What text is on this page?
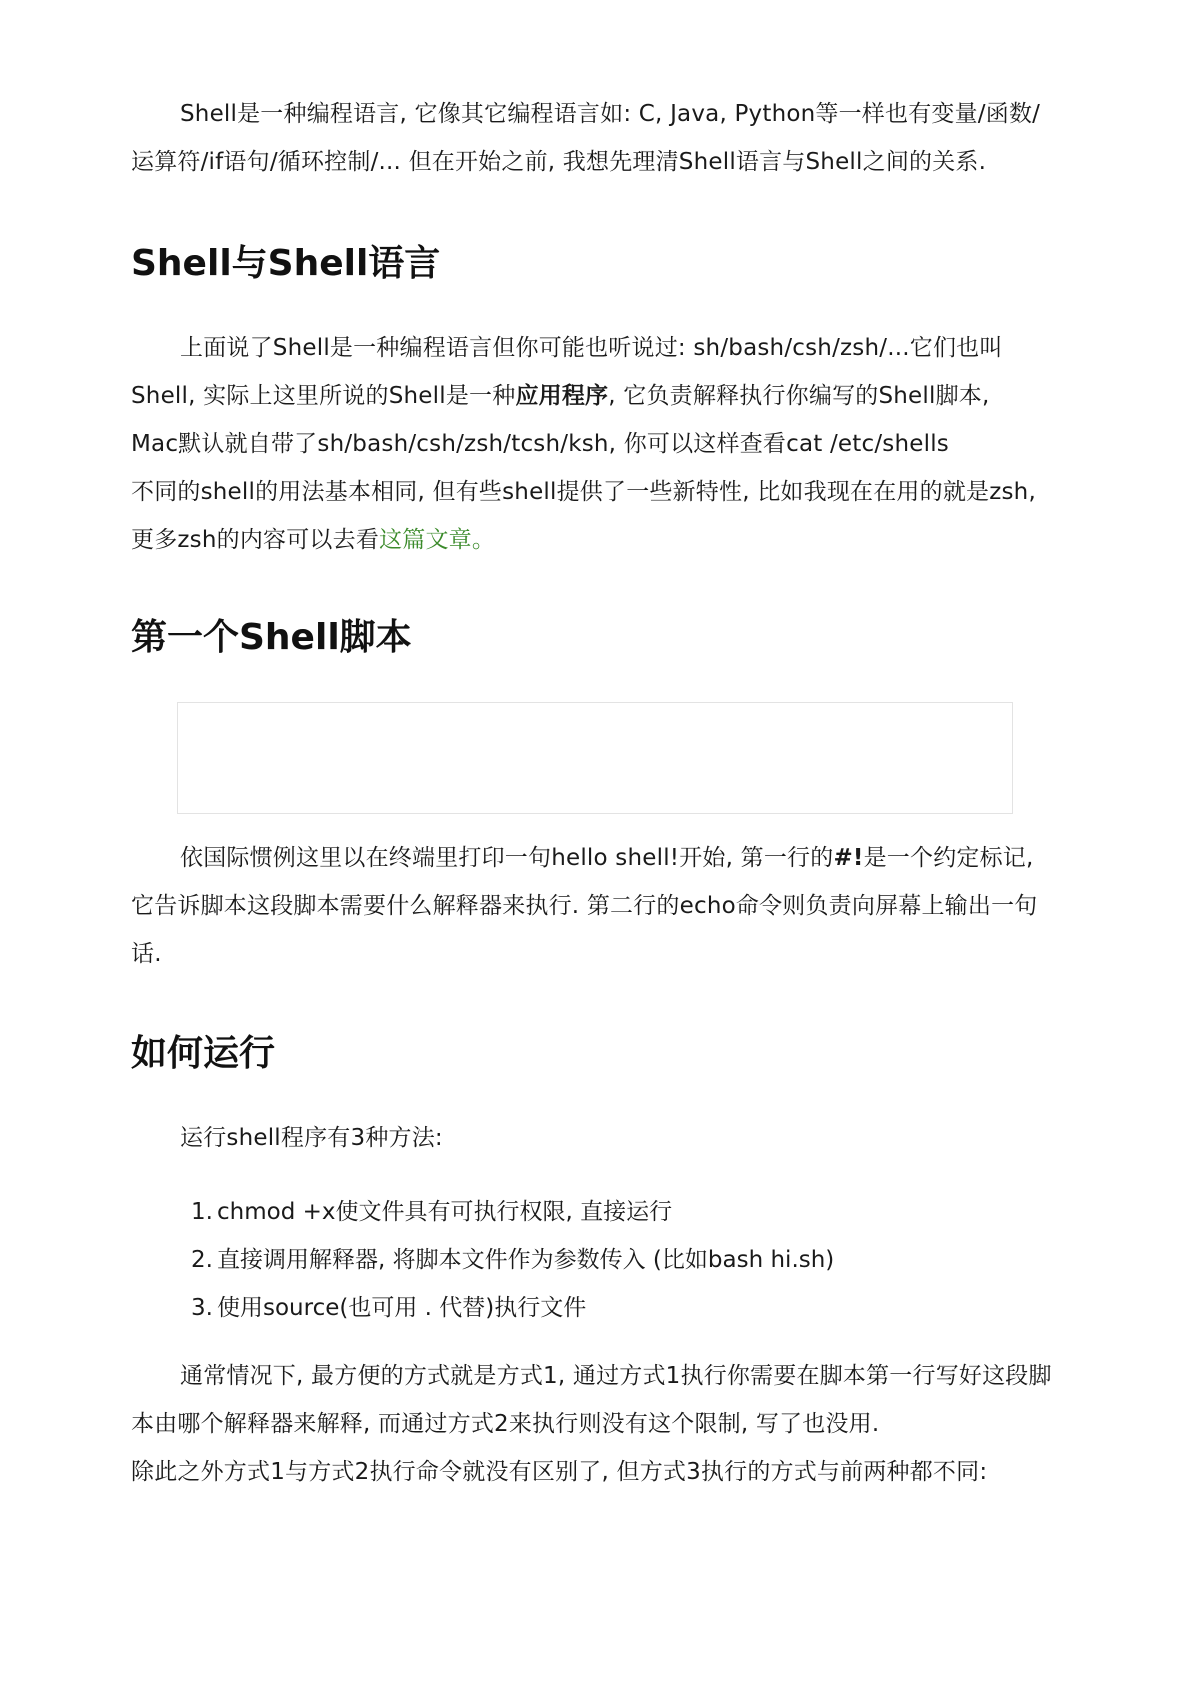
Shell是一种编程语言, 它像其它编程语言如: C, Java, Python等一样也有变量/函数/运算符/if语句/循环控制/... 但在开始之前, 我想先理清Shell语言与Shell之间的关系.

Shell与Shell语言

上面说了Shell是一种编程语言但你可能也听说过: sh/bash/csh/zsh/...它们也叫Shell, 实际上这里所说的Shell是一种应用程序, 它负责解释执行你编写的Shell脚本,

Mac默认就自带了sh/bash/csh/zsh/tcsh/ksh, 你可以这样查看cat /etc/shells

不同的shell的用法基本相同, 但有些shell提供了一些新特性, 比如我现在在用的就是zsh, 更多zsh的内容可以去看这篇文章。

第一个Shell脚本

依国际惯例这里以在终端里打印一句hello shell!开始, 第一行的#!是一个约定标记, 它告诉脚本这段脚本需要什么解释器来执行. 第二行的echo命令则负责向屏幕上输出一句话.

如何运行

运行shell程序有3种方法:

1. chmod +x使文件具有可执行权限, 直接运行
2. 直接调用解释器, 将脚本文件作为参数传入 (比如bash hi.sh)
3. 使用source(也可用 . 代替)执行文件

通常情况下, 最方便的方式就是方式1, 通过方式1执行你需要在脚本第一行写好这段脚本由哪个解释器来解释, 而通过方式2来执行则没有这个限制, 写了也没用.

除此之外方式1与方式2执行命令就没有区别了, 但方式3执行的方式与前两种都不同:
